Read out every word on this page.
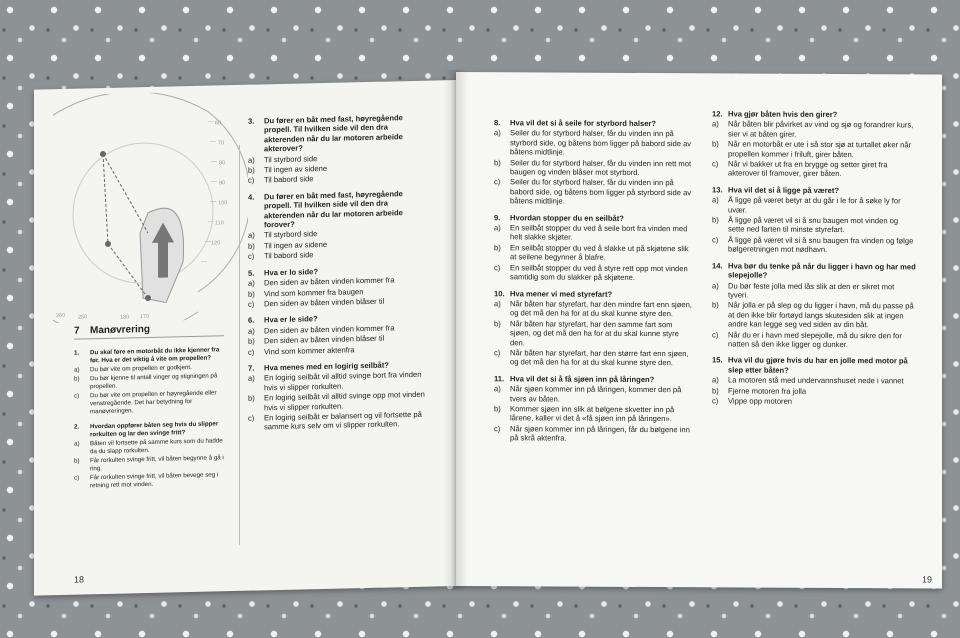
60
70
80
90
100
110
120
260 250	180 170
7	Manøvrering
1.	Du skal føre en motorbåt du ikke kjenner fra før. Hva er det viktig å vite om propellen?
a)	Du bør vite om propellen er godkjent.
b)	Du bør kjenne til antall vinger og stigningen på propellen.
c)	Du bør vite om propellen er høyregående eller venstregående. Det har betydning for manøvreringen.
2.	Hvordan oppfører båten seg hvis du slipper rorkulten og lar den svinge fritt?
a)	Båten vil fortsette på samme kurs som du hadde da du slapp rorkulten.
b)	Får rorkulten svinge fritt, vil båten begynne å gå i ring.
c)	Får rorkulten svinge fritt, vil båten bevege seg i retning rett mot vinden.
3.	Du fører en båt med fast, høyregående propell. Til hvilken side vil den dra akterenden når du lar motoren arbeide akterover?
a)	Til styrbord side
b)	Til ingen av sidene
c)	Til babord side
4.	Du fører en båt med fast, høyregående propell. Til hvilken side vil den dra akterenden når du lar motoren arbeide forover?
a)	Til styrbord side
b)	Til ingen av sidene
c)	Til babord side
5.	Hva er lo side?
a)	Den siden av båten vinden kommer fra
b)	Vind som kommer fra baugen
c)	Den siden av båten vinden blåser til
6.	Hva er le side?
a)	Den siden av båten vinden kommer fra
b)	Den siden av båten vinden blåser til
c)	Vind som kommer aktenfra
7.	Hva menes med en logirig seilbåt?
a)	En logirig seilbåt vil alltid svinge bort fra vinden hvis vi slipper rorkulten.
b)	En logirig seilbåt vil alltid svinge opp mot vinden hvis vi slipper rorkulten.
c)	En logirig seilbåt er balansert og vil fortsette på samme kurs selv om vi slipper rorkulten.
18
8.	Hva vil det si å seile for styrbord halser?
a)	Seiler du for styrbord halser, får du vinden inn på styrbord side, og båtens bom ligger på babord side av båtens midtlinje.
b)	Seiler du for styrbord halser, får du vinden inn rett mot baugen og vinden blåser mot styrbord.
c)	Seiler du for styrbord halser, får du vinden inn på babord side, og båtens bom ligger på styrbord side av båtens midtlinje.
9.	Hvordan stopper du en seilbåt?
a)	En seilbåt stopper du ved å seile bort fra vinden med helt slakke skjøter.
b)	En seilbåt stopper du ved å slakke ut på skjøtene slik at seilene begynner å blafre.
c)	En seilbåt stopper du ved å styre rett opp mot vinden samtidig som du slakker på skjøtene.
10. Hva mener vi med styrefart?
a)	Når båten har styrefart, har den mindre fart enn sjøen, og det må den ha for at du skal kunne styre den.
b)	Når båten har styrefart, har den samme fart som sjøen, og det må den ha for at du skal kunne styre den.
c)	Når båten har styrefart, har den større fart enn sjøen, og det må den ha for at du skal kunne styre den.
11. Hva vil det si å få sjøen inn på låringen?
a)	Når sjøen kommer inn på låringen, kommer den på tvers av båten.
b)	Kommer sjøen inn slik at bølgene skvetter inn på lårene, kaller vi det å «få sjøen inn på låringen».
c)	Når sjøen kommer inn på låringen, får du bølgene inn på skrå aktenfra.
12. Hva gjør båten hvis den girer?
a)	Når båten blir påvirket av vind og sjø og forandrer kurs, sier vi at båten girer.
b)	Når en motorbåt er ute i så stor sjø at turtallet øker når propellen kommer i friluft, girer båten.
c)	Når vi bakker ut fra en brygge og setter giret fra akterover til framover, girer båten.
13. Hva vil det si å ligge på været?
a)	Å ligge på været betyr at du går i le for å søke ly for uvær.
b)	Å ligge på været vil si å snu baugen mot vinden og sette ned farten til minste styrefart.
c)	Å ligge på været vil si å snu baugen fra vinden og følge bølgeretningen mot nødhavn.
14. Hva bør du tenke på når du ligger i havn og har med slepejolle?
a)	Du bør feste jolla med lås slik at den er sikret mot tyveri.
b)	Når jolla er på slep og du ligger i havn, må du passe på at den ikke blir fortøyd langs skutesiden slik at ingen andre kan legge seg ved siden av din båt.
c)	Når du er i havn med slepejolle, må du sikre den for natten så den ikke ligger og dunker.
15. Hva vil du gjøre hvis du har en jolle med motor på slep etter båten?
a)	La motoren stå med undervannshuset nede i vannet
b)	Fjerne motoren fra jolla
c)	Vippe opp motoren
19
